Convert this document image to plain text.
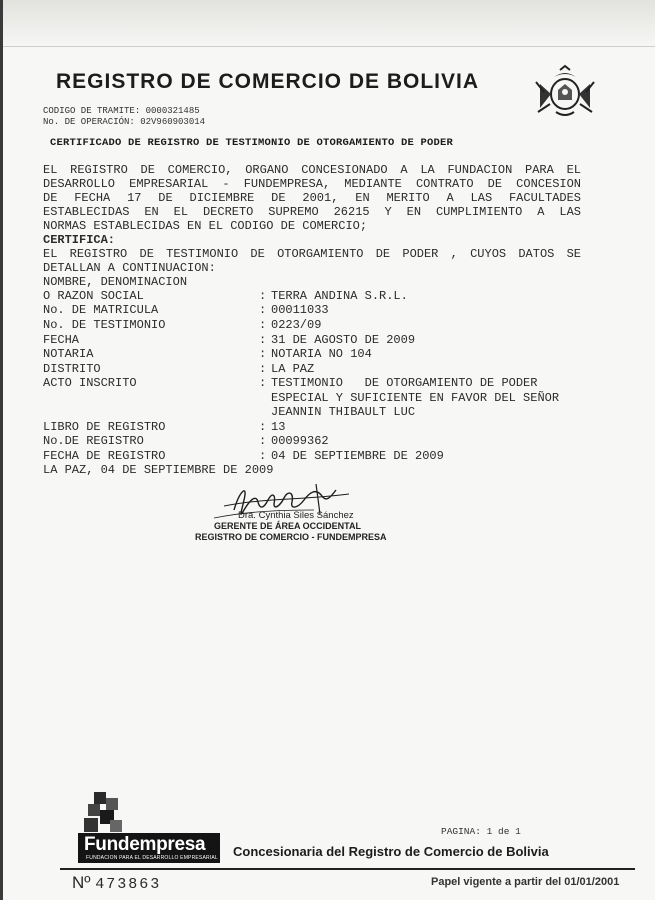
REGISTRO DE COMERCIO DE BOLIVIA
CODIGO DE TRAMITE: 0000321485
No. DE OPERACIÓN: 02V960903014
CERTIFICADO DE REGISTRO DE TESTIMONIO DE OTORGAMIENTO DE PODER
EL REGISTRO DE COMERCIO, ORGANO CONCESIONADO A LA FUNDACION PARA EL
DESARROLLO EMPRESARIAL - FUNDEMPRESA, MEDIANTE CONTRATO DE CONCESION
DE FECHA 17 DE DICIEMBRE DE 2001, EN MERITO A LAS FACULTADES
ESTABLECIDAS EN EL DECRETO SUPREMO 26215 Y EN CUMPLIMIENTO A LAS
NORMAS ESTABLECIDAS EN EL CODIGO DE COMERCIO;
CERTIFICA:
EL REGISTRO DE TESTIMONIO DE OTORGAMIENTO DE PODER , CUYOS DATOS SE
DETALLAN A CONTINUACION:
NOMBRE, DENOMINACION
O RAZON SOCIAL	: TERRA ANDINA S.R.L.
No. DE MATRICULA	: 00011033
No. DE TESTIMONIO	: 0223/09
FECHA	: 31 DE AGOSTO DE 2009
NOTARIA	: NOTARIA NO 104
DISTRITO	: LA PAZ
ACTO INSCRITO	: TESTIMONIO   DE OTORGAMIENTO DE PODER
ESPECIAL Y SUFICIENTE EN FAVOR DEL SEÑOR
JEANNIN THIBAULT LUC
LIBRO DE REGISTRO	: 13
No.DE REGISTRO	: 00099362
FECHA DE REGISTRO	: 04 DE SEPTIEMBRE DE 2009
LA PAZ, 04 DE SEPTIEMBRE DE 2009
Dra. Cynthia Siles Sánchez
GERENTE DE ÁREA OCCIDENTAL
REGISTRO DE COMERCIO - FUNDEMPRESA
Fundempresa
FUNDACION PARA EL DESARROLLO EMPRESARIAL Concesionaria del Registro de Comercio de Bolivia
PAGINA: 1 de 1
Nº 473863	Papel vigente a partir del 01/01/2001
